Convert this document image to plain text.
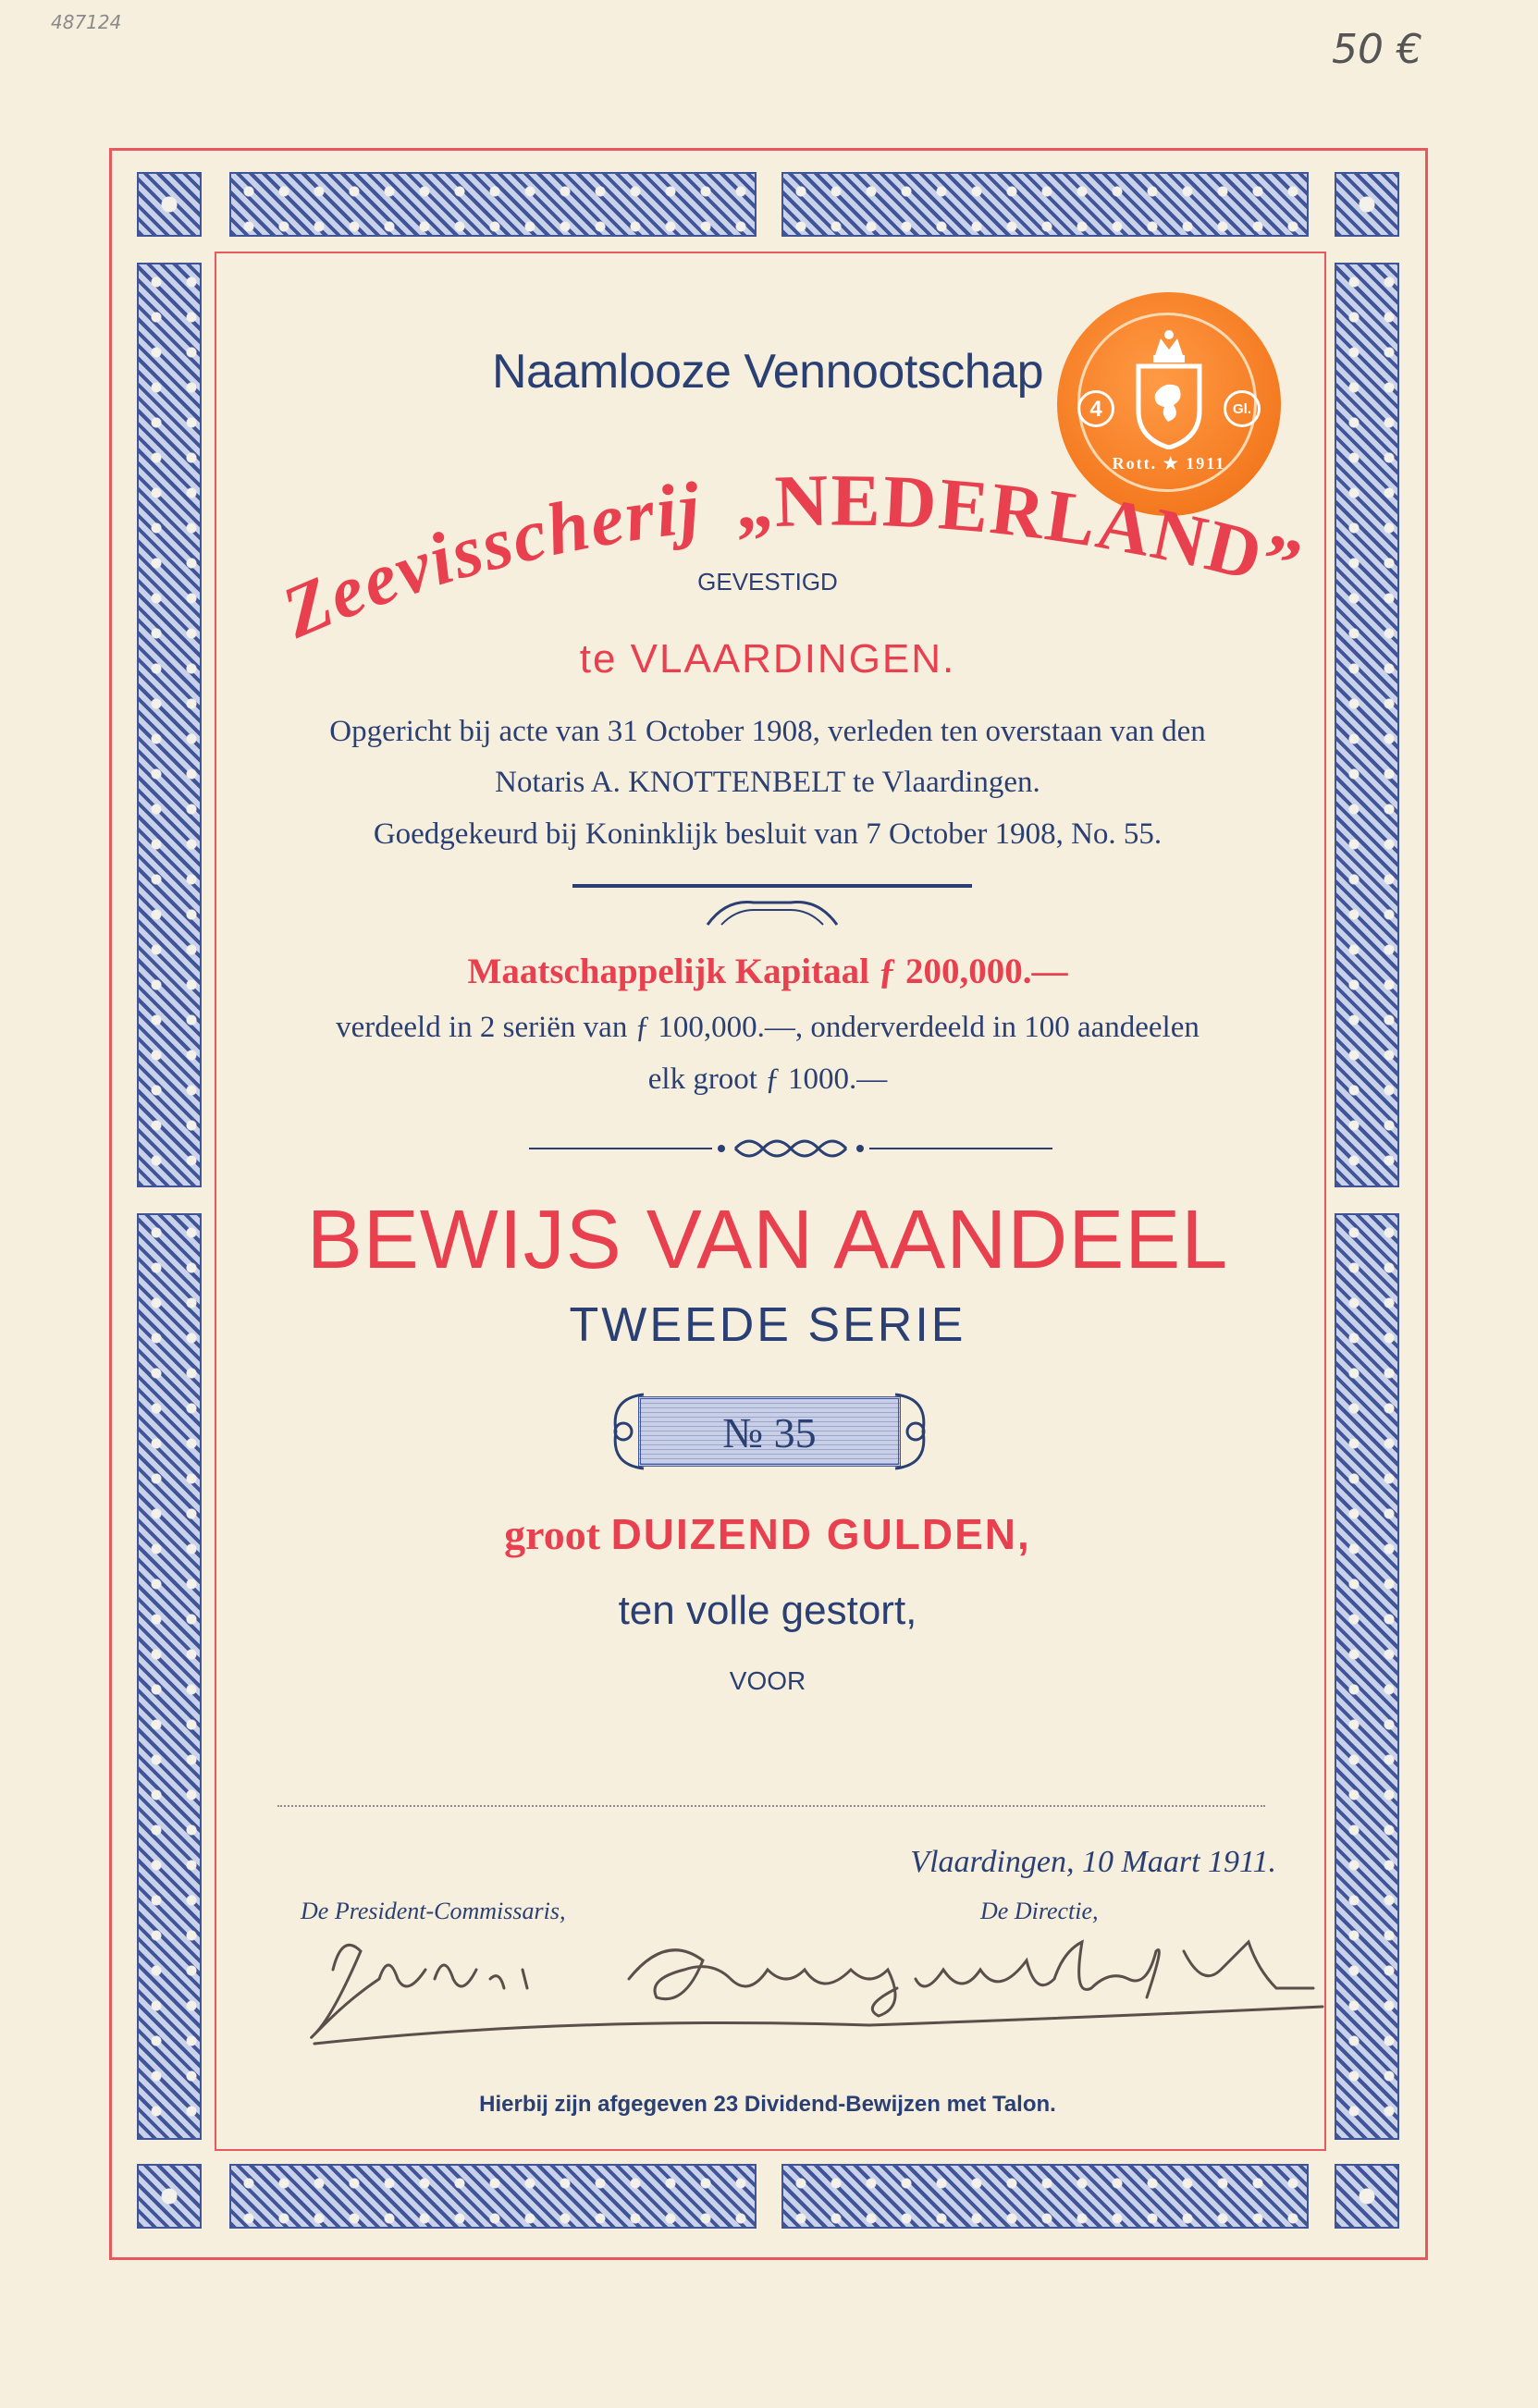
487124
50 €
4	Gl.
Rott. ★ 1911
Naamlooze Vennootschap
Zeevisscherij „NEDERLAND”
GEVESTIGD
te VLAARDINGEN.
Opgericht bij acte van 31 October 1908, verleden ten overstaan van den
Notaris A. KNOTTENBELT te Vlaardingen.
Goedgekeurd bij Koninklijk besluit van 7 October 1908, No. 55.
Maatschappelijk Kapitaal ƒ 200,000.—
verdeeld in 2 seriën van ƒ 100,000.—, onderverdeeld in 100 aandeelen
elk groot ƒ 1000.—
BEWIJS VAN AANDEEL
TWEEDE SERIE
№ 35
groot DUIZEND GULDEN,
ten volle gestort,
VOOR
Vlaardingen, 10 Maart 1911.
De President-Commissaris,	De Directie,
Hierbij zijn afgegeven 23 Dividend-Bewijzen met Talon.
